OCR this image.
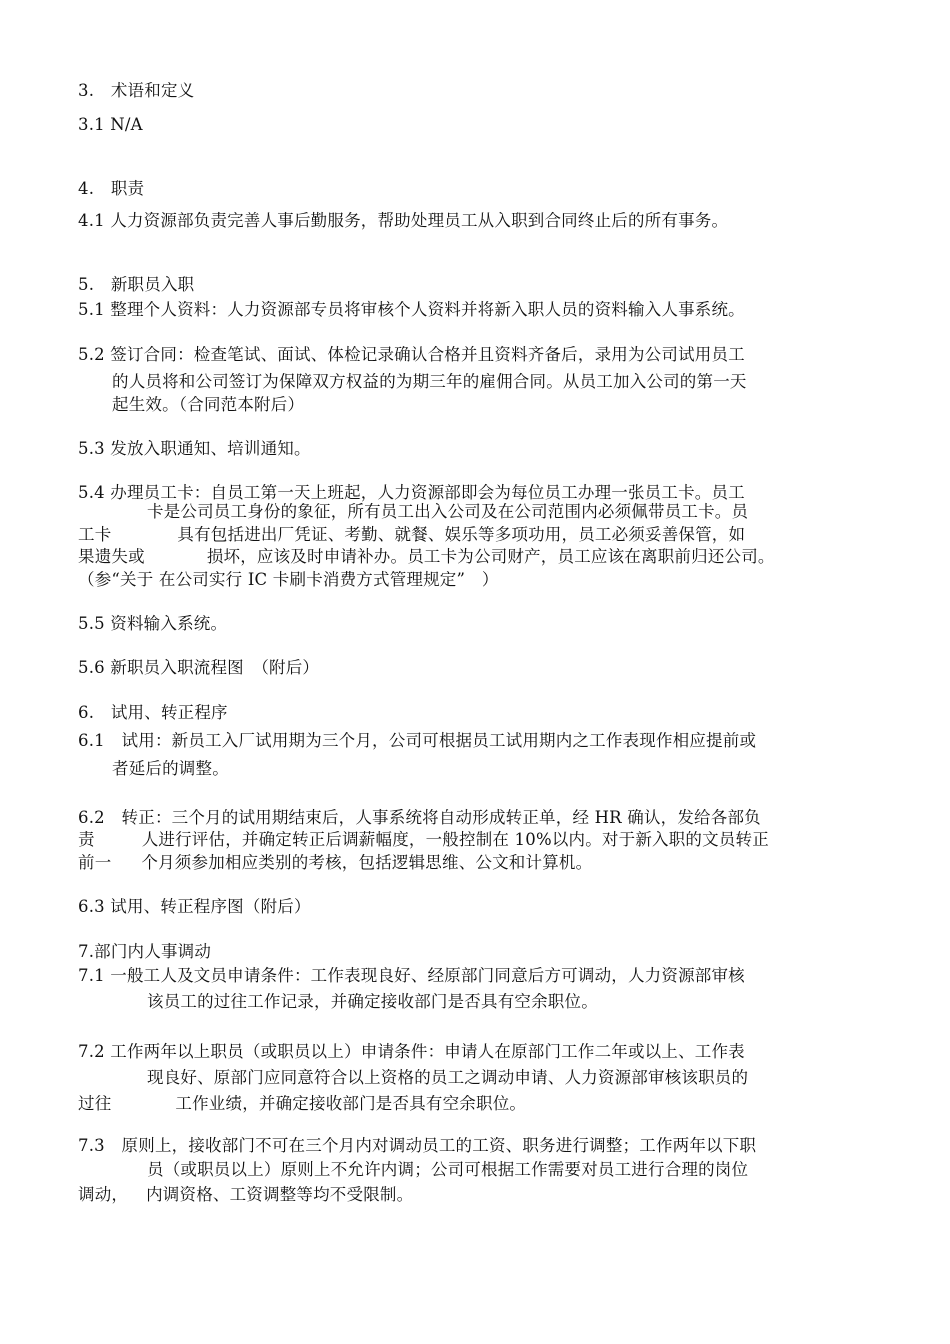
3.　术语和定义
3.1 N/A
4.　职责
4.1 人力资源部负责完善人事后勤服务，帮助处理员工从入职到合同终止后的所有事务。
5.　新职员入职
5.1 整理个人资料：人力资源部专员将审核个人资料并将新入职人员的资料输入人事系统。
5.2 签订合同：检查笔试、面试、体检记录确认合格并且资料齐备后，录用为公司试用员工
的人员将和公司签订为保障双方权益的为期三年的雇佣合同。从员工加入公司的第一天
起生效。（合同范本附后）
5.3 发放入职通知、培训通知。
5.4 办理员工卡：自员工第一天上班起，人力资源部即会为每位员工办理一张员工卡。员工
卡是公司员工身份的象征，所有员工出入公司及在公司范围内必须佩带员工卡。员
工卡	具有包括进出厂凭证、考勤、就餐、娱乐等多项功用，员工必须妥善保管，如
果遗失或	损坏，应该及时申请补办。员工卡为公司财产，员工应该在离职前归还公司。
（参“关于 在公司实行 IC 卡刷卡消费方式管理规定”　）
5.5 资料输入系统。
5.6 新职员入职流程图　（附后）
6.　试用、转正程序
6.1　试用：新员工入厂试用期为三个月，公司可根据员工试用期内之工作表现作相应提前或
者延后的调整。
6.2　转正：三个月的试用期结束后，人事系统将自动形成转正单，经 HR 确认，发给各部负
责	人进行评估，并确定转正后调薪幅度，一般控制在 10%以内。对于新入职的文员转正
前一 个月须参加相应类别的考核，包括逻辑思维、公文和计算机。
6.3 试用、转正程序图（附后）
7.部门内人事调动
7.1 一般工人及文员申请条件：工作表现良好、经原部门同意后方可调动，人力资源部审核
该员工的过往工作记录，并确定接收部门是否具有空余职位。
7.2 工作两年以上职员（或职员以上）申请条件：申请人在原部门工作二年或以上、工作表
现良好、原部门应同意符合以上资格的员工之调动申请、人力资源部审核该职员的
过往	工作业绩，并确定接收部门是否具有空余职位。
7.3　原则上，接收部门不可在三个月内对调动员工的工资、职务进行调整；工作两年以下职
员（或职员以上）原则上不允许内调；公司可根据工作需要对员工进行合理的岗位
调动， 内调资格、工资调整等均不受限制。
